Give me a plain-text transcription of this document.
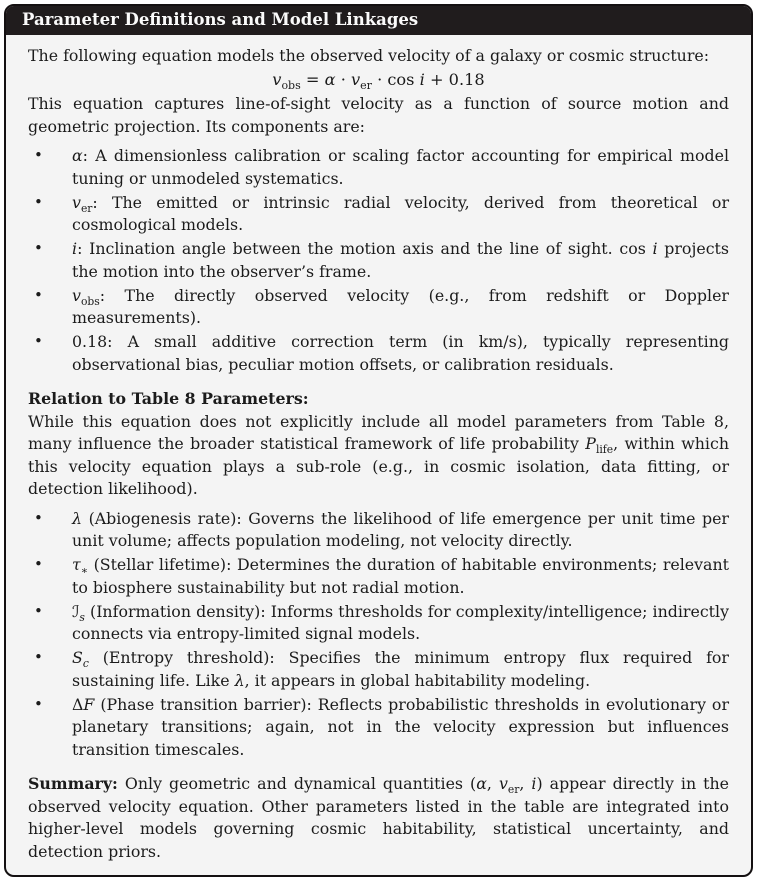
Parameter Definitions and Model Linkages
The following equation models the observed velocity of a galaxy or cosmic structure:
$v_{obs} = \alpha \cdot v_{er} \cdot \cos i + 0.18$
This equation captures line-of-sight velocity as a function of source motion and geometric projection. Its components are:
• α: A dimensionless calibration or scaling factor accounting for empirical model tuning or unmodeled systematics.
• $v_{er}$: The emitted or intrinsic radial velocity, derived from theoretical or cosmological models.
• i: Inclination angle between the motion axis and the line of sight. cos i projects the motion into the observer’s frame.
• $v_{obs}$: The directly observed velocity (e.g., from redshift or Doppler measurements).
• 0.18: A small additive correction term (in km/s), typically representing observational bias, peculiar motion offsets, or calibration residuals.
Relation to Table 8 Parameters:
While this equation does not explicitly include all model parameters from Table 8, many influence the broader statistical framework of life probability $P_{life}$, within which this velocity equation plays a sub-role (e.g., in cosmic isolation, data fitting, or detection likelihood).
• λ (Abiogenesis rate): Governs the likelihood of life emergence per unit time per unit volume; affects population modeling, not velocity directly.
• $\tau_∗$ (Stellar lifetime): Determines the duration of habitable environments; relevant to biosphere sustainability but not radial motion.
• ℐ$_s$ (Information density): Informs thresholds for complexity/intelligence; indirectly connects via entropy-limited signal models.
• $S_c$ (Entropy threshold): Specifies the minimum entropy flux required for sustaining life. Like λ, it appears in global habitability modeling.
• ΔF (Phase transition barrier): Reflects probabilistic thresholds in evolutionary or planetary transitions; again, not in the velocity expression but influences transition timescales.
Summary: Only geometric and dynamical quantities (α, $v_{er}$, i) appear directly in the observed velocity equation. Other parameters listed in the table are integrated into higher-level models governing cosmic habitability, statistical uncertainty, and detection priors.
